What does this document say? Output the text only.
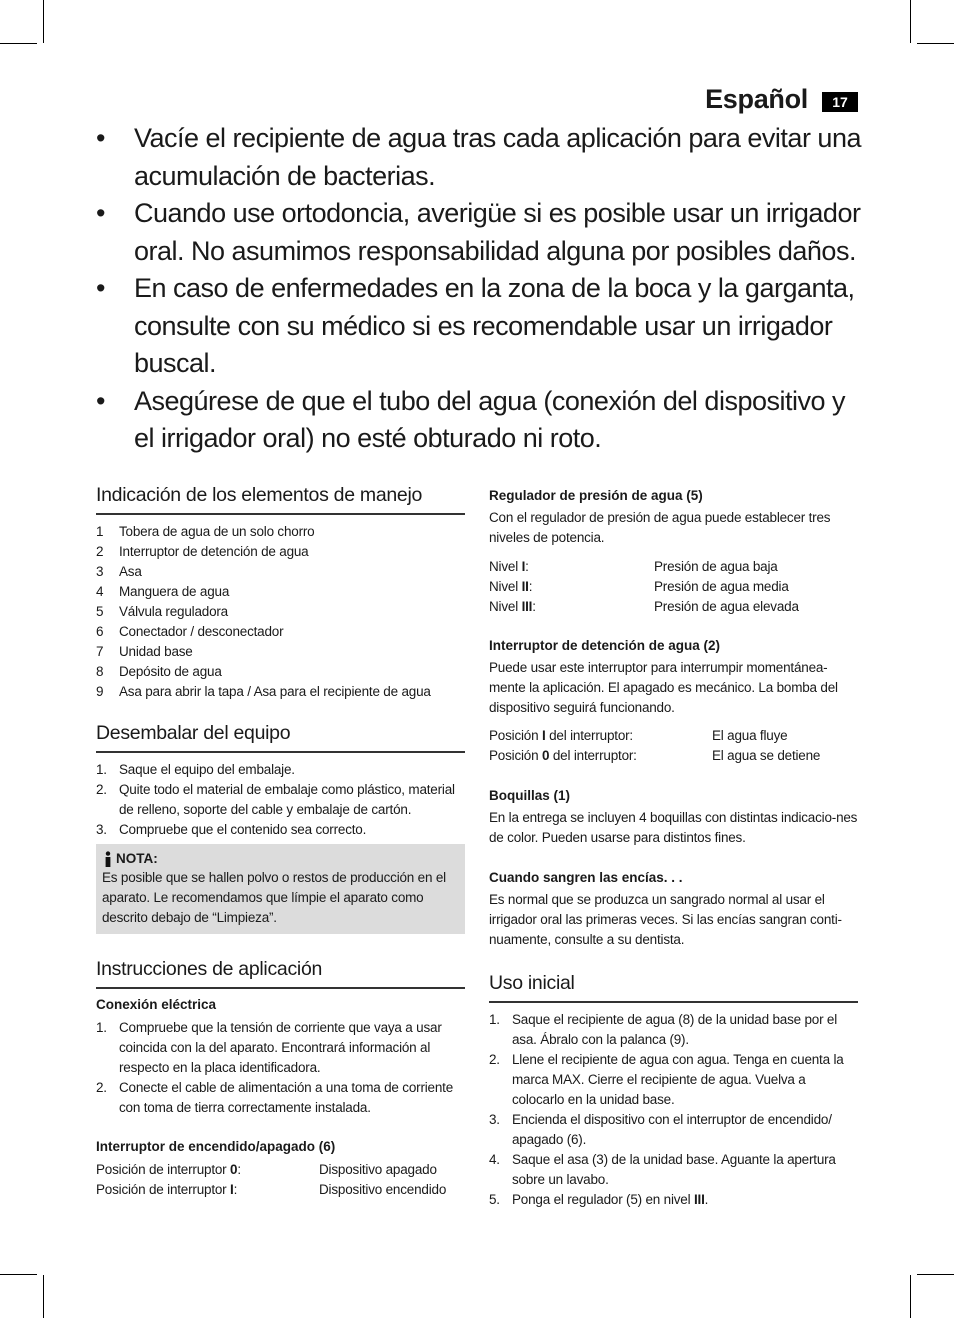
Español	17
• Vacíe el recipiente de agua tras cada aplicación para evitar una acumulación de bacterias.
• Cuando use ortodoncia, averigüe si es posible usar un irrigador oral. No asumimos responsabilidad alguna por posibles daños.
• En caso de enfermedades en la zona de la boca y la garganta, consulte con su médico si es recomendable usar un irrigador buscal.
• Asegúrese de que el tubo del agua (conexión del dispositivo y el irrigador oral) no esté obturado ni roto.
Indicación de los elementos de manejo
1 Tobera de agua de un solo chorro
2 Interruptor de detención de agua
3 Asa
4 Manguera de agua
5 Válvula reguladora
6 Conectador / desconectador
7 Unidad base
8 Depósito de agua
9 Asa para abrir la tapa / Asa para el recipiente de agua
Desembalar del equipo
1. Saque el equipo del embalaje.
2. Quite todo el material de embalaje como plástico, material de relleno, soporte del cable y embalaje de cartón.
3. Compruebe que el contenido sea correcto.
NOTA:

Es posible que se hallen polvo o restos de producción en el aparato. Le recomendamos que límpie el aparato como descrito debajo de “Limpieza”.

Instrucciones de aplicación
Conexión eléctrica
1. Compruebe que la tensión de corriente que vaya a usar coincida con la del aparato. Encontrará información al respecto en la placa identificadora.
2. Conecte el cable de alimentación a una toma de corriente con toma de tierra correctamente instalada.
Interruptor de encendido/apagado (6)
Posición de interruptor 0:	Dispositivo apagado
Posición de interruptor I:	Dispositivo encendido
Regulador de presión de agua (5)

Con el regulador de presión de agua puede establecer tres niveles de potencia.

Nivel I:	Presión de agua baja
Nivel II:	Presión de agua media
Nivel III:	Presión de agua elevada
Interruptor de detención de agua (2)

Puede usar este interruptor para interrumpir momentánea-mente la aplicación. El apagado es mecánico. La bomba del dispositivo seguirá funcionando.

Posición I del interruptor:	El agua fluye
Posición 0 del interruptor:	El agua se detiene
Boquillas (1)

En la entrega se incluyen 4 boquillas con distintas indicacio-nes de color. Pueden usarse para distintos fines.

Cuando sangren las encías. . .

Es normal que se produzca un sangrado normal al usar el irrigador oral las primeras veces. Si las encías sangran conti-nuamente, consulte a su dentista.

Uso inicial
1. Saque el recipiente de agua (8) de la unidad base por el asa. Ábralo con la palanca (9).
2. Llene el recipiente de agua con agua. Tenga en cuenta la marca MAX. Cierre el recipiente de agua. Vuelva a colocarlo en la unidad base.
3. Encienda el dispositivo con el interruptor de encendido/ apagado (6).
4. Saque el asa (3) de la unidad base. Aguante la apertura sobre un lavabo.
5. Ponga el regulador (5) en nivel III.
